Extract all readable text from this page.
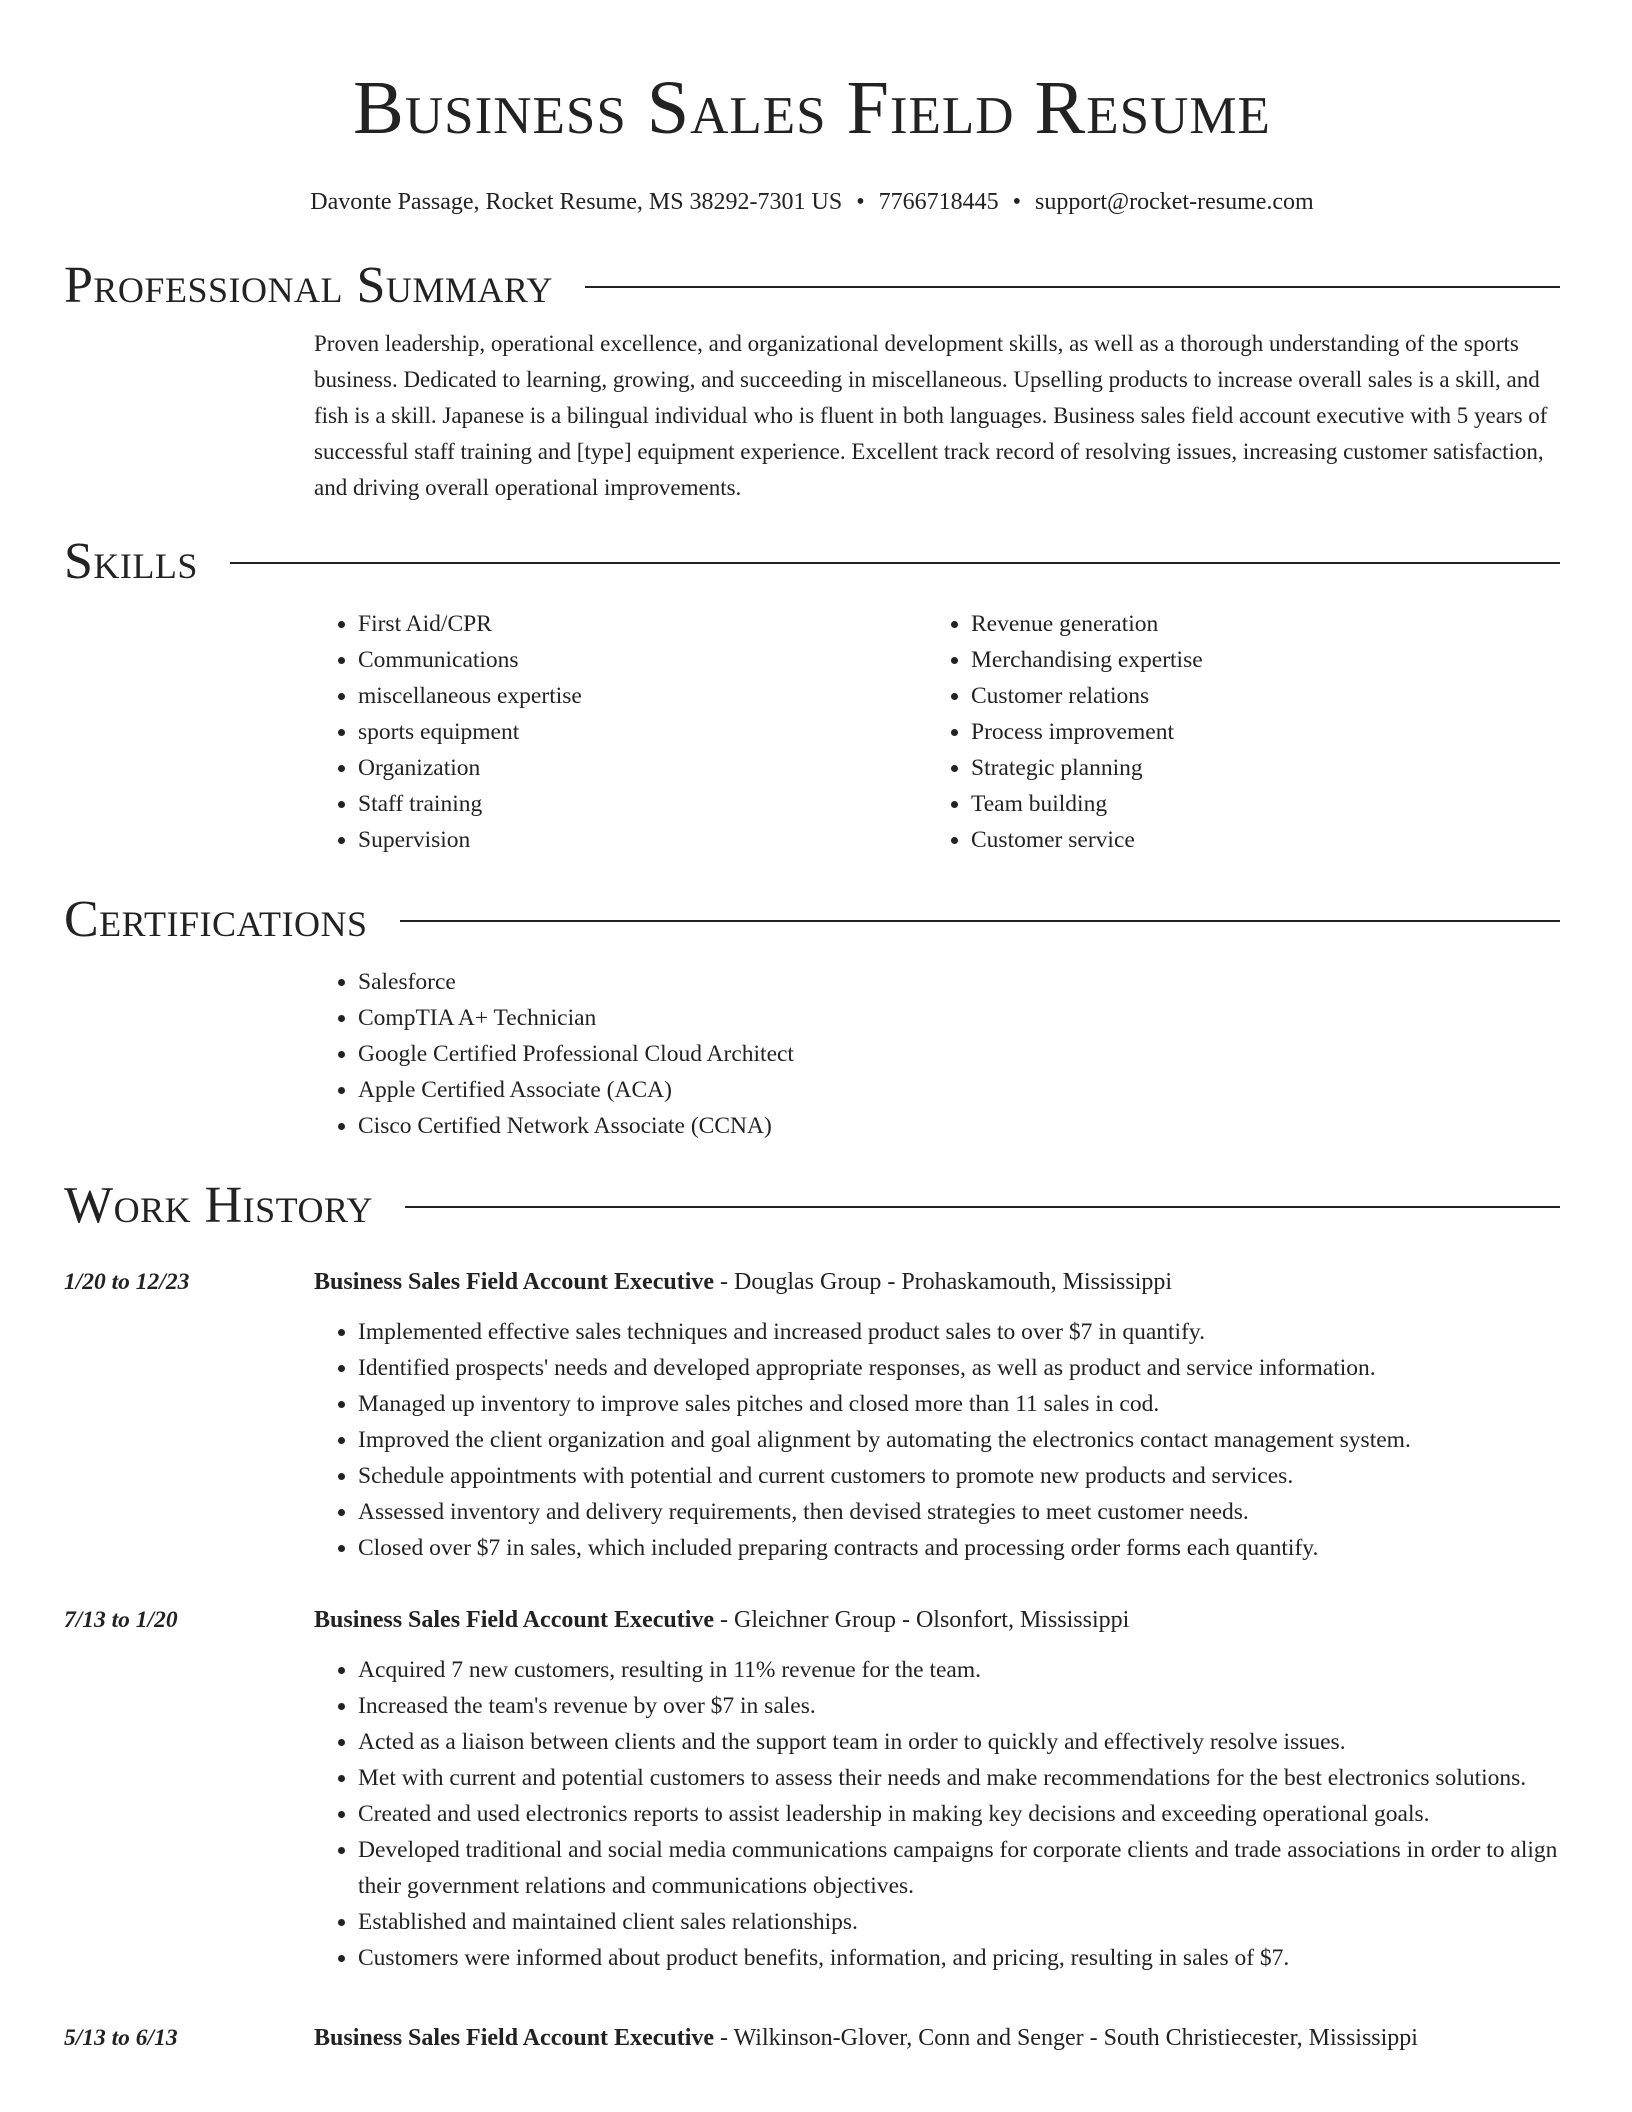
Business Sales Field Resume
Davonte Passage, Rocket Resume, MS 38292-7301 US • 7766718445 • support@rocket-resume.com
Professional Summary
Proven leadership, operational excellence, and organizational development skills, as well as a thorough understanding of the sports business. Dedicated to learning, growing, and succeeding in miscellaneous. Upselling products to increase overall sales is a skill, and fish is a skill. Japanese is a bilingual individual who is fluent in both languages. Business sales field account executive with 5 years of successful staff training and [type] equipment experience. Excellent track record of resolving issues, increasing customer satisfaction, and driving overall operational improvements.
Skills
• First Aid/CPR
• Communications
• miscellaneous expertise
• sports equipment
• Organization
• Staff training
• Supervision
• Revenue generation
• Merchandising expertise
• Customer relations
• Process improvement
• Strategic planning
• Team building
• Customer service
Certifications
• Salesforce
• CompTIA A+ Technician
• Google Certified Professional Cloud Architect
• Apple Certified Associate (ACA)
• Cisco Certified Network Associate (CCNA)
Work History
1/20 to 12/23	Business Sales Field Account Executive - Douglas Group - Prohaskamouth, Mississippi
• Implemented effective sales techniques and increased product sales to over $7 in quantify.
• Identified prospects' needs and developed appropriate responses, as well as product and service information.
• Managed up inventory to improve sales pitches and closed more than 11 sales in cod.
• Improved the client organization and goal alignment by automating the electronics contact management system.
• Schedule appointments with potential and current customers to promote new products and services.
• Assessed inventory and delivery requirements, then devised strategies to meet customer needs.
• Closed over $7 in sales, which included preparing contracts and processing order forms each quantify.
7/13 to 1/20	Business Sales Field Account Executive - Gleichner Group - Olsonfort, Mississippi
• Acquired 7 new customers, resulting in 11% revenue for the team.
• Increased the team's revenue by over $7 in sales.
• Acted as a liaison between clients and the support team in order to quickly and effectively resolve issues.
• Met with current and potential customers to assess their needs and make recommendations for the best electronics solutions.
• Created and used electronics reports to assist leadership in making key decisions and exceeding operational goals.
• Developed traditional and social media communications campaigns for corporate clients and trade associations in order to align their government relations and communications objectives.
• Established and maintained client sales relationships.
• Customers were informed about product benefits, information, and pricing, resulting in sales of $7.
5/13 to 6/13	Business Sales Field Account Executive - Wilkinson-Glover, Conn and Senger - South Christiecester, Mississippi
